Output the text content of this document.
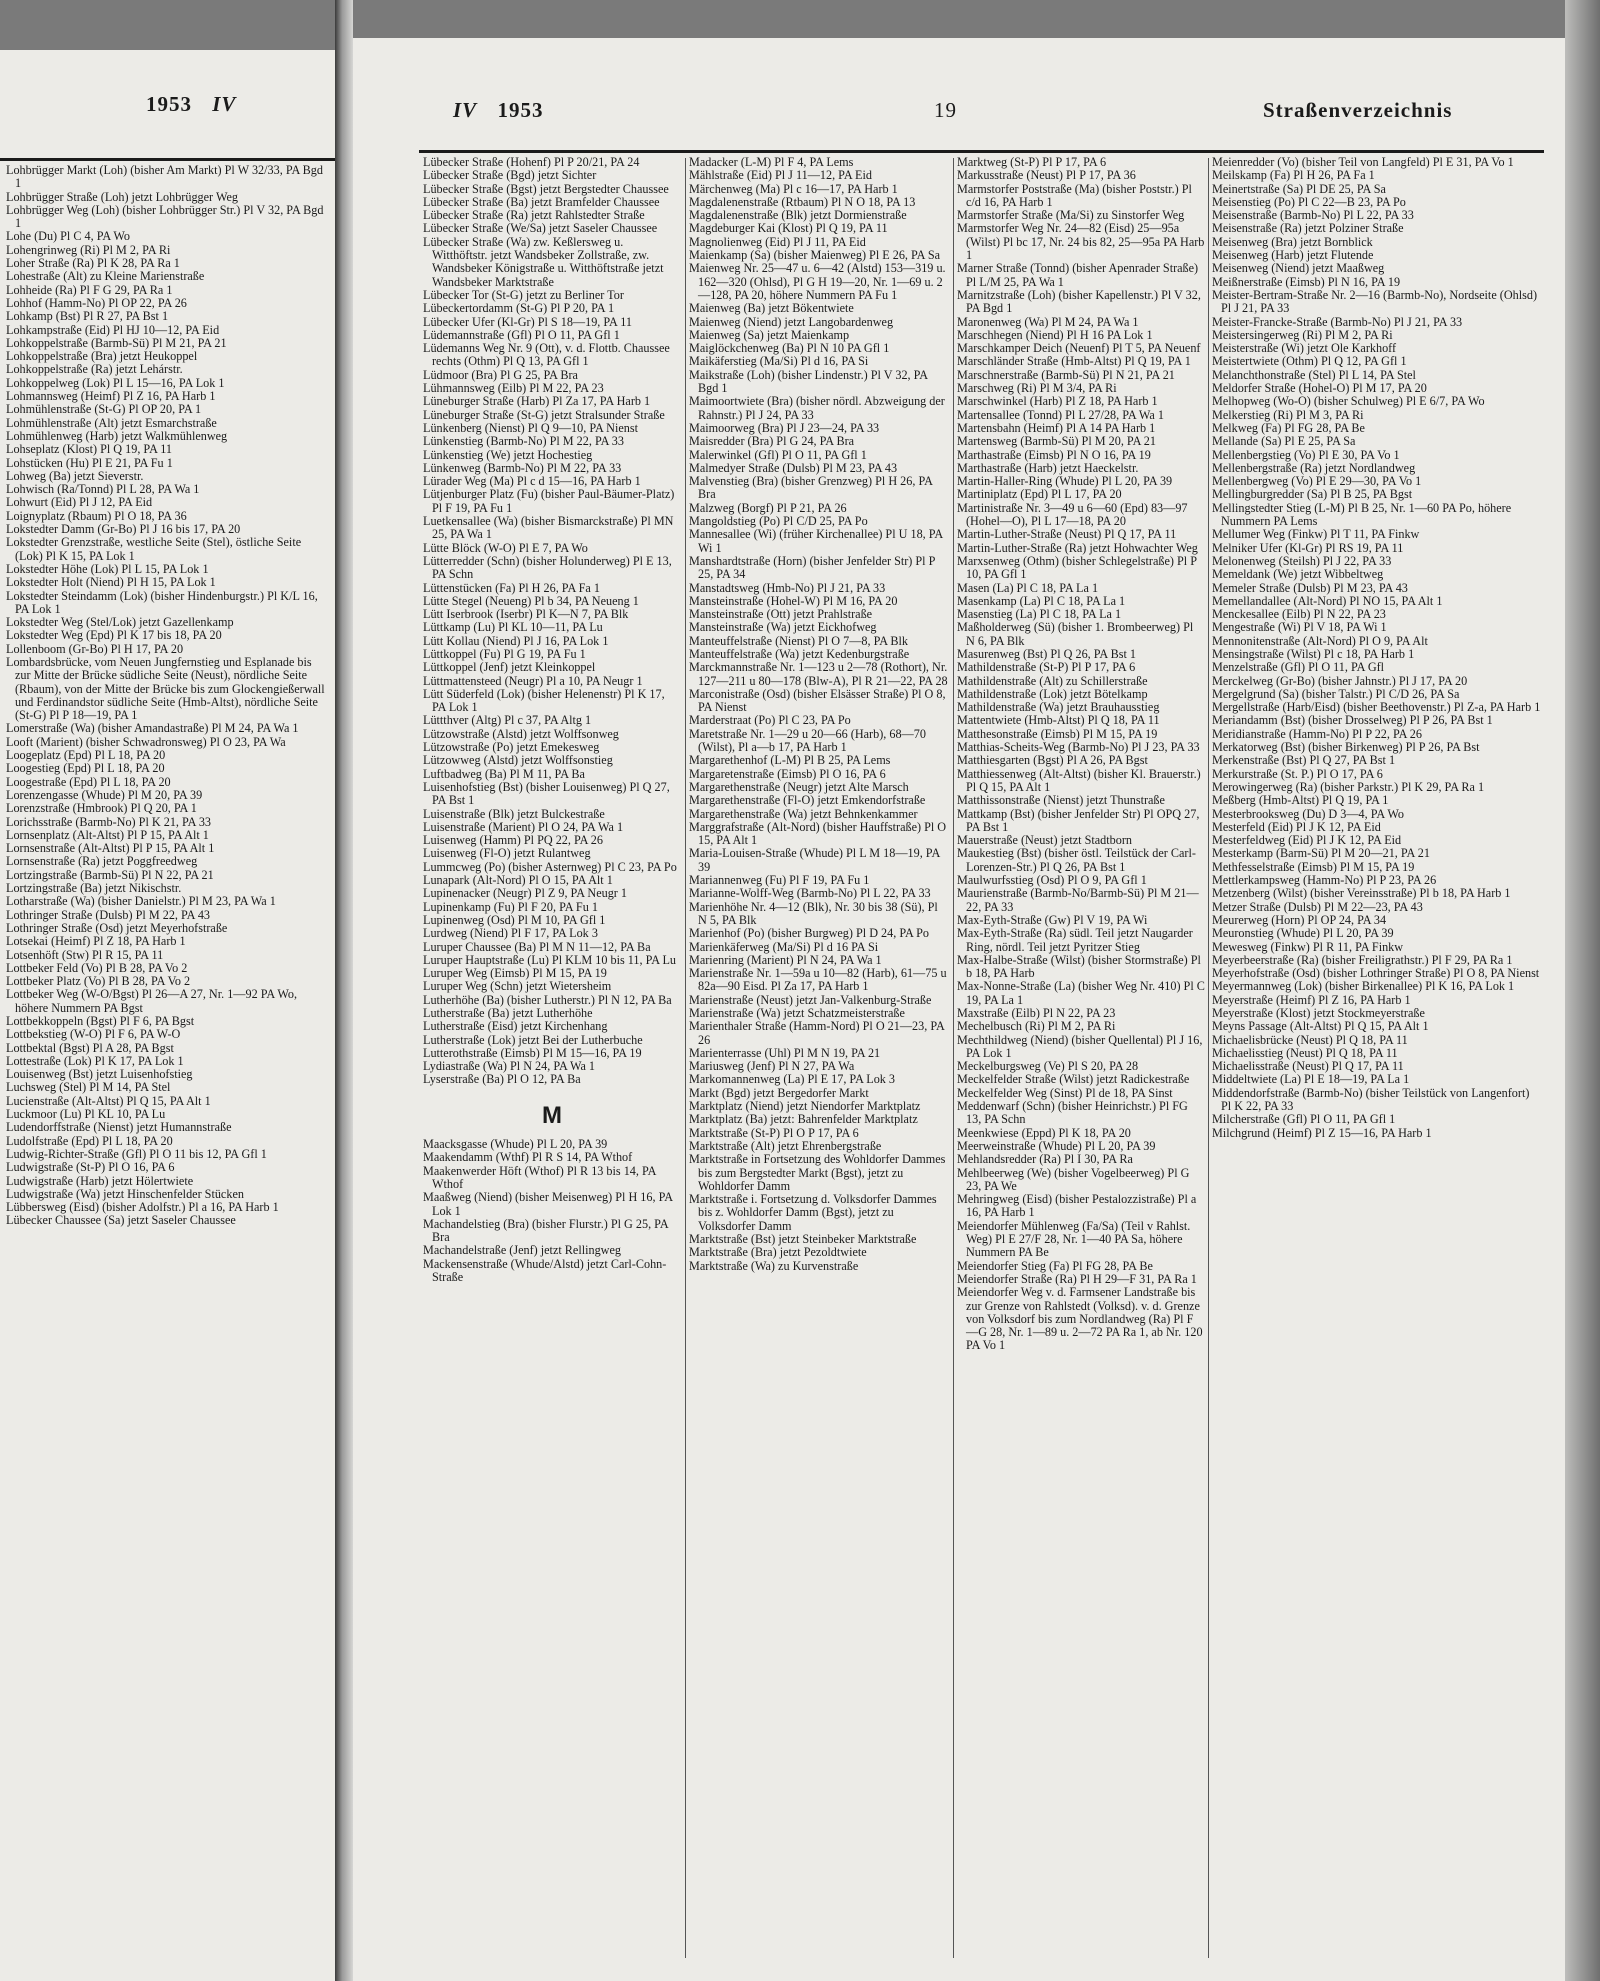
1953 IV

Lohbrügger Markt (Loh) (bisher Am Markt) Pl W 32/33, PA Bgd 1

Lohbrügger Straße (Loh) jetzt Lohbrügger Weg

Lohbrügger Weg (Loh) (bisher Lohbrügger Str.) Pl V 32, PA Bgd 1

Lohe (Du) Pl C 4, PA Wo

Lohengrinweg (Ri) Pl M 2, PA Ri

Loher Straße (Ra) Pl K 28, PA Ra 1

Lohestraße (Alt) zu Kleine Marienstraße

Lohheide (Ra) Pl F G 29, PA Ra 1

Lohhof (Hamm-No) Pl OP 22, PA 26

Lohkamp (Bst) Pl R 27, PA Bst 1

Lohkampstraße (Eid) Pl HJ 10—12, PA Eid

Lohkoppelstraße (Barmb-Sü) Pl M 21, PA 21

Lohkoppelstraße (Bra) jetzt Heukoppel

Lohkoppelstraße (Ra) jetzt Lehárstr.

Lohkoppelweg (Lok) Pl L 15—16, PA Lok 1

Lohmannsweg (Heimf) Pl Z 16, PA Harb 1

Lohmühlenstraße (St-G) Pl OP 20, PA 1

Lohmühlenstraße (Alt) jetzt Esmarchstraße

Lohmühlenweg (Harb) jetzt Walkmühlenweg

Lohseplatz (Klost) Pl Q 19, PA 11

Lohstücken (Hu) Pl E 21, PA Fu 1

Lohweg (Ba) jetzt Sieverstr.

Lohwisch (Ra/Tonnd) Pl L 28, PA Wa 1

Lohwurt (Eid) Pl J 12, PA Eid

Loignyplatz (Rbaum) Pl O 18, PA 36

Lokstedter Damm (Gr-Bo) Pl J 16 bis 17, PA 20

Lokstedter Grenzstraße, westliche Seite (Stel), östliche Seite (Lok) Pl K 15, PA Lok 1

Lokstedter Höhe (Lok) Pl L 15, PA Lok 1

Lokstedter Holt (Niend) Pl H 15, PA Lok 1

Lokstedter Steindamm (Lok) (bisher Hindenburgstr.) Pl K/L 16, PA Lok 1

Lokstedter Weg (Stel/Lok) jetzt Gazellenkamp

Lokstedter Weg (Epd) Pl K 17 bis 18, PA 20

Lollenboom (Gr-Bo) Pl H 17, PA 20

Lombardsbrücke, vom Neuen Jungfernstieg und Esplanade bis zur Mitte der Brücke südliche Seite (Neust), nördliche Seite (Rbaum), von der Mitte der Brücke bis zum Glockengießerwall und Ferdinandstor südliche Seite (Hmb-Altst), nördliche Seite (St-G) Pl P 18—19, PA 1

Lomerstraße (Wa) (bisher Amandastraße) Pl M 24, PA Wa 1

Looft (Marient) (bisher Schwadronsweg) Pl O 23, PA Wa

Loogeplatz (Epd) Pl L 18, PA 20

Loogestieg (Epd) Pl L 18, PA 20

Loogestraße (Epd) Pl L 18, PA 20

Lorenzengasse (Whude) Pl M 20, PA 39

Lorenzstraße (Hmbrook) Pl Q 20, PA 1

Lorichsstraße (Barmb-No) Pl K 21, PA 33

Lornsenplatz (Alt-Altst) Pl P 15, PA Alt 1

Lornsenstraße (Alt-Altst) Pl P 15, PA Alt 1

Lornsenstraße (Ra) jetzt Poggfreedweg

Lortzingstraße (Barmb-Sü) Pl N 22, PA 21

Lortzingstraße (Ba) jetzt Nikischstr.

Lotharstraße (Wa) (bisher Danielstr.) Pl M 23, PA Wa 1

Lothringer Straße (Dulsb) Pl M 22, PA 43

Lothringer Straße (Osd) jetzt Meyerhofstraße

Lotsekai (Heimf) Pl Z 18, PA Harb 1

Lotsenhöft (Stw) Pl R 15, PA 11

Lottbeker Feld (Vo) Pl B 28, PA Vo 2

Lottbeker Platz (Vo) Pl B 28, PA Vo 2

Lottbeker Weg (W-O/Bgst) Pl 26—A 27, Nr. 1—92 PA Wo, höhere Nummern PA Bgst

Lottbekkoppeln (Bgst) Pl F 6, PA Bgst

Lottbekstieg (W-O) Pl F 6, PA W-O

Lottbektal (Bgst) Pl A 28, PA Bgst

Lottestraße (Lok) Pl K 17, PA Lok 1

Louisenweg (Bst) jetzt Luisenhofstieg

Luchsweg (Stel) Pl M 14, PA Stel

Lucienstraße (Alt-Altst) Pl Q 15, PA Alt 1

Luckmoor (Lu) Pl KL 10, PA Lu

Ludendorffstraße (Nienst) jetzt Humannstraße

Ludolfstraße (Epd) Pl L 18, PA 20

Ludwig-Richter-Straße (Gfl) Pl O 11 bis 12, PA Gfl 1

Ludwigstraße (St-P) Pl O 16, PA 6

Ludwigstraße (Harb) jetzt Hölertwiete

Ludwigstraße (Wa) jetzt Hinschenfelder Stücken

Lübbersweg (Eisd) (bisher Adolfstr.) Pl a 16, PA Harb 1

Lübecker Chaussee (Sa) jetzt Saseler Chaussee

IV 1953	19	Straßenverzeichnis

Lübecker Straße (Hohenf) Pl P 20/21, PA 24

Lübecker Straße (Bgd) jetzt Sichter

Lübecker Straße (Bgst) jetzt Bergstedter Chaussee

Lübecker Straße (Ba) jetzt Bramfelder Chaussee

Lübecker Straße (Ra) jetzt Rahlstedter Straße

Lübecker Straße (We/Sa) jetzt Saseler Chaussee

Lübecker Straße (Wa) zw. Keßlersweg u. Witthöftstr. jetzt Wandsbeker Zollstraße, zw. Wandsbeker Königstraße u. Witthöftstraße jetzt Wandsbeker Marktstraße

Lübecker Tor (St-G) jetzt zu Berliner Tor

Lübeckertordamm (St-G) Pl P 20, PA 1

Lübecker Ufer (Kl-Gr) Pl S 18—19, PA 11

Lüdemannstraße (Gfl) Pl O 11, PA Gfl 1

Lüdemanns Weg Nr. 9 (Ott), v. d. Flottb. Chaussee rechts (Othm) Pl Q 13, PA Gfl 1

Lüdmoor (Bra) Pl G 25, PA Bra

Lühmannsweg (Eilb) Pl M 22, PA 23

Lüneburger Straße (Harb) Pl Za 17, PA Harb 1

Lüneburger Straße (St-G) jetzt Stralsunder Straße

Lünkenberg (Nienst) Pl Q 9—10, PA Nienst

Lünkenstieg (Barmb-No) Pl M 22, PA 33

Lünkenstieg (We) jetzt Hochestieg

Lünkenweg (Barmb-No) Pl M 22, PA 33

Lürader Weg (Ma) Pl c d 15—16, PA Harb 1

Lütjenburger Platz (Fu) (bisher Paul-Bäumer-Platz) Pl F 19, PA Fu 1

Luetkensallee (Wa) (bisher Bismarckstraße) Pl MN 25, PA Wa 1

Lütte Blöck (W-O) Pl E 7, PA Wo

Lütterredder (Schn) (bisher Holunderweg) Pl E 13, PA Schn

Lüttenstücken (Fa) Pl H 26, PA Fa 1

Lütte Stegel (Neueng) Pl b 34, PA Neueng 1

Lütt Iserbrook (Iserbr) Pl K—N 7, PA Blk

Lüttkamp (Lu) Pl KL 10—11, PA Lu

Lütt Kollau (Niend) Pl J 16, PA Lok 1

Lüttkoppel (Fu) Pl G 19, PA Fu 1

Lüttkoppel (Jenf) jetzt Kleinkoppel

Lüttmattensteed (Neugr) Pl a 10, PA Neugr 1

Lütt Süderfeld (Lok) (bisher Helenenstr) Pl K 17, PA Lok 1

Lüttthver (Altg) Pl c 37, PA Altg 1

Lützowstraße (Alstd) jetzt Wolffsonweg

Lützowstraße (Po) jetzt Emekesweg

Lützowweg (Alstd) jetzt Wolffsonstieg

Luftbadweg (Ba) Pl M 11, PA Ba

Luisenhofstieg (Bst) (bisher Louisenweg) Pl Q 27, PA Bst 1

Luisenstraße (Blk) jetzt Bulckestraße

Luisenstraße (Marient) Pl O 24, PA Wa 1

Luisenweg (Hamm) Pl PQ 22, PA 26

Luisenweg (Fl-O) jetzt Rulantweg

Lummcweg (Po) (bisher Asternweg) Pl C 23, PA Po

Lunapark (Alt-Nord) Pl O 15, PA Alt 1

Lupinenacker (Neugr) Pl Z 9, PA Neugr 1

Lupinenkamp (Fu) Pl F 20, PA Fu 1

Lupinenweg (Osd) Pl M 10, PA Gfl 1

Lurdweg (Niend) Pl F 17, PA Lok 3

Luruper Chaussee (Ba) Pl M N 11—12, PA Ba

Luruper Hauptstraße (Lu) Pl KLM 10 bis 11, PA Lu

Luruper Weg (Eimsb) Pl M 15, PA 19

Luruper Weg (Schn) jetzt Wietersheim

Lutherhöhe (Ba) (bisher Lutherstr.) Pl N 12, PA Ba

Lutherstraße (Ba) jetzt Lutherhöhe

Lutherstraße (Eisd) jetzt Kirchenhang

Lutherstraße (Lok) jetzt Bei der Lutherbuche

Lutterothstraße (Eimsb) Pl M 15—16, PA 19

Lydiastraße (Wa) Pl N 24, PA Wa 1

Lyserstraße (Ba) Pl O 12, PA Ba

M

Maacksgasse (Whude) Pl L 20, PA 39

Maakendamm (Wthf) Pl R S 14, PA Wthof

Maakenwerder Höft (Wthof) Pl R 13 bis 14, PA Wthof

Maaßweg (Niend) (bisher Meisenweg) Pl H 16, PA Lok 1

Machandelstieg (Bra) (bisher Flurstr.) Pl G 25, PA Bra

Machandelstraße (Jenf) jetzt Rellingweg

Mackensenstraße (Whude/Alstd) jetzt Carl-Cohn-Straße

Madacker (L-M) Pl F 4, PA Lems

Mählstraße (Eid) Pl J 11—12, PA Eid

Märchenweg (Ma) Pl c 16—17, PA Harb 1

Magdalenenstraße (Rtbaum) Pl N O 18, PA 13

Magdalenenstraße (Blk) jetzt Dormienstraße

Magdeburger Kai (Klost) Pl Q 19, PA 11

Magnolienweg (Eid) Pl J 11, PA Eid

Maienkamp (Sa) (bisher Maienweg) Pl E 26, PA Sa

Maienweg Nr. 25—47 u. 6—42 (Alstd) 153—319 u. 162—320 (Ohlsd), Pl G H 19—20, Nr. 1—69 u. 2—128, PA 20, höhere Nummern PA Fu 1

Maienweg (Ba) jetzt Bökentwiete

Maienweg (Niend) jetzt Langobardenweg

Maienweg (Sa) jetzt Maienkamp

Maiglöckchenweg (Ba) Pl N 10 PA Gfl 1

Maikäferstieg (Ma/Si) Pl d 16, PA Si

Maikstraße (Loh) (bisher Lindenstr.) Pl V 32, PA Bgd 1

Maimoortwiete (Bra) (bisher nördl. Abzweigung der Rahnstr.) Pl J 24, PA 33

Maimoorweg (Bra) Pl J 23—24, PA 33

Maisredder (Bra) Pl G 24, PA Bra

Malerwinkel (Gfl) Pl O 11, PA Gfl 1

Malmedyer Straße (Dulsb) Pl M 23, PA 43

Malvenstieg (Bra) (bisher Grenzweg) Pl H 26, PA Bra

Malzweg (Borgf) Pl P 21, PA 26

Mangoldstieg (Po) Pl C/D 25, PA Po

Mannesallee (Wi) (früher Kirchenallee) Pl U 18, PA Wi 1

Manshardtstraße (Horn) (bisher Jenfelder Str) Pl P 25, PA 34

Manstadtsweg (Hmb-No) Pl J 21, PA 33

Mansteinstraße (Hohel-W) Pl M 16, PA 20

Mansteinstraße (Ott) jetzt Prahlstraße

Mansteinstraße (Wa) jetzt Eickhofweg

Manteuffelstraße (Nienst) Pl O 7—8, PA Blk

Manteuffelstraße (Wa) jetzt Kedenburgstraße

Marckmannstraße Nr. 1—123 u 2—78 (Rothort), Nr. 127—211 u 80—178 (Blw-A), Pl R 21—22, PA 28

Marconistraße (Osd) (bisher Elsässer Straße) Pl O 8, PA Nienst

Marderstraat (Po) Pl C 23, PA Po

Maretstraße Nr. 1—29 u 20—66 (Harb), 68—70 (Wilst), Pl a—b 17, PA Harb 1

Margarethenhof (L-M) Pl B 25, PA Lems

Margaretenstraße (Eimsb) Pl O 16, PA 6

Margarethenstraße (Neugr) jetzt Alte Marsch

Margarethenstraße (Fl-O) jetzt Emkendorfstraße

Margarethenstraße (Wa) jetzt Behnkenkammer

Marggrafstraße (Alt-Nord) (bisher Hauffstraße) Pl O 15, PA Alt 1

Maria-Louisen-Straße (Whude) Pl L M 18—19, PA 39

Mariannenweg (Fu) Pl F 19, PA Fu 1

Marianne-Wolff-Weg (Barmb-No) Pl L 22, PA 33

Marienhöhe Nr. 4—12 (Blk), Nr. 30 bis 38 (Sü), Pl N 5, PA Blk

Marienhof (Po) (bisher Burgweg) Pl D 24, PA Po

Marienkäferweg (Ma/Si) Pl d 16 PA Si

Marienring (Marient) Pl N 24, PA Wa 1

Marienstraße Nr. 1—59a u 10—82 (Harb), 61—75 u 82a—90 Eisd. Pl Za 17, PA Harb 1

Marienstraße (Neust) jetzt Jan-Valkenburg-Straße

Marienstraße (Wa) jetzt Schatzmeisterstraße

Marienthaler Straße (Hamm-Nord) Pl O 21—23, PA 26

Marienterrasse (Uhl) Pl M N 19, PA 21

Mariusweg (Jenf) Pl N 27, PA Wa

Markomannenweg (La) Pl E 17, PA Lok 3

Markt (Bgd) jetzt Bergedorfer Markt

Marktplatz (Niend) jetzt Niendorfer Marktplatz

Marktplatz (Ba) jetzt: Bahrenfelder Marktplatz

Marktstraße (St-P) Pl O P 17, PA 6

Marktstraße (Alt) jetzt Ehrenbergstraße

Marktstraße in Fortsetzung des Wohldorfer Dammes bis zum Bergstedter Markt (Bgst), jetzt zu Wohldorfer Damm

Marktstraße i. Fortsetzung d. Volksdorfer Dammes bis z. Wohldorfer Damm (Bgst), jetzt zu Volksdorfer Damm

Marktstraße (Bst) jetzt Steinbeker Marktstraße

Marktstraße (Bra) jetzt Pezoldtwiete

Marktstraße (Wa) zu Kurvenstraße

Marktweg (St-P) Pl P 17, PA 6

Markusstraße (Neust) Pl P 17, PA 36

Marmstorfer Poststraße (Ma) (bisher Poststr.) Pl c/d 16, PA Harb 1

Marmstorfer Straße (Ma/Si) zu Sinstorfer Weg

Marmstorfer Weg Nr. 24—82 (Eisd) 25—95a (Wilst) Pl bc 17, Nr. 24 bis 82, 25—95a PA Harb 1

Marner Straße (Tonnd) (bisher Apenrader Straße) Pl L/M 25, PA Wa 1

Marnitzstraße (Loh) (bisher Kapellenstr.) Pl V 32, PA Bgd 1

Maronenweg (Wa) Pl M 24, PA Wa 1

Marschhegen (Niend) Pl H 16 PA Lok 1

Marschkamper Deich (Neuenf) Pl T 5, PA Neuenf

Marschländer Straße (Hmb-Altst) Pl Q 19, PA 1

Marschnerstraße (Barmb-Sü) Pl N 21, PA 21

Marschweg (Ri) Pl M 3/4, PA Ri

Marschwinkel (Harb) Pl Z 18, PA Harb 1

Martensallee (Tonnd) Pl L 27/28, PA Wa 1

Martensbahn (Heimf) Pl A 14 PA Harb 1

Martensweg (Barmb-Sü) Pl M 20, PA 21

Marthastraße (Eimsb) Pl N O 16, PA 19

Marthastraße (Harb) jetzt Haeckelstr.

Martin-Haller-Ring (Whude) Pl L 20, PA 39

Martiniplatz (Epd) Pl L 17, PA 20

Martinistraße Nr. 3—49 u 6—60 (Epd) 83—97 (Hohel—O), Pl L 17—18, PA 20

Martin-Luther-Straße (Neust) Pl Q 17, PA 11

Martin-Luther-Straße (Ra) jetzt Hohwachter Weg

Marxsenweg (Othm) (bisher Schlegelstraße) Pl P 10, PA Gfl 1

Masen (La) Pl C 18, PA La 1

Masenkamp (La) Pl C 18, PA La 1

Masenstieg (La) Pl C 18, PA La 1

Maßholderweg (Sü) (bisher 1. Brombeerweg) Pl N 6, PA Blk

Masurenweg (Bst) Pl Q 26, PA Bst 1

Mathildenstraße (St-P) Pl P 17, PA 6

Mathildenstraße (Alt) zu Schillerstraße

Mathildenstraße (Lok) jetzt Bötelkamp

Mathildenstraße (Wa) jetzt Brauhausstieg

Mattentwiete (Hmb-Altst) Pl Q 18, PA 11

Matthesonstraße (Eimsb) Pl M 15, PA 19

Matthias-Scheits-Weg (Barmb-No) Pl J 23, PA 33

Matthiesgarten (Bgst) Pl A 26, PA Bgst

Matthiessenweg (Alt-Altst) (bisher Kl. Brauerstr.) Pl Q 15, PA Alt 1

Matthissonstraße (Nienst) jetzt Thunstraße

Mattkamp (Bst) (bisher Jenfelder Str) Pl OPQ 27, PA Bst 1

Mauerstraße (Neust) jetzt Stadtborn

Maukestieg (Bst) (bisher östl. Teilstück der Carl-Lorenzen-Str.) Pl Q 26, PA Bst 1

Maulwurfsstieg (Osd) Pl O 9, PA Gfl 1

Maurienstraße (Barmb-No/Barmb-Sü) Pl M 21—22, PA 33

Max-Eyth-Straße (Gw) Pl V 19, PA Wi

Max-Eyth-Straße (Ra) südl. Teil jetzt Naugarder Ring, nördl. Teil jetzt Pyritzer Stieg

Max-Halbe-Straße (Wilst) (bisher Stormstraße) Pl b 18, PA Harb

Max-Nonne-Straße (La) (bisher Weg Nr. 410) Pl C 19, PA La 1

Maxstraße (Eilb) Pl N 22, PA 23

Mechelbusch (Ri) Pl M 2, PA Ri

Mechthildweg (Niend) (bisher Quellental) Pl J 16, PA Lok 1

Meckelburgsweg (Ve) Pl S 20, PA 28

Meckelfelder Straße (Wilst) jetzt Radickestraße

Meckelfelder Weg (Sinst) Pl de 18, PA Sinst

Meddenwarf (Schn) (bisher Heinrichstr.) Pl FG 13, PA Schn

Meenkwiese (Eppd) Pl K 18, PA 20

Meerweinstraße (Whude) Pl L 20, PA 39

Mehlandsredder (Ra) Pl I 30, PA Ra

Mehlbeerweg (We) (bisher Vogelbeerweg) Pl G 23, PA We

Mehringweg (Eisd) (bisher Pestalozzistraße) Pl a 16, PA Harb 1

Meiendorfer Mühlenweg (Fa/Sa) (Teil v Rahlst. Weg) Pl E 27/F 28, Nr. 1—40 PA Sa, höhere Nummern PA Be

Meiendorfer Stieg (Fa) Pl FG 28, PA Be

Meiendorfer Straße (Ra) Pl H 29—F 31, PA Ra 1

Meiendorfer Weg v. d. Farmsener Landstraße bis zur Grenze von Rahlstedt (Volksd). v. d. Grenze von Volksdorf bis zum Nordlandweg (Ra) Pl F—G 28, Nr. 1—89 u. 2—72 PA Ra 1, ab Nr. 120 PA Vo 1

Meienredder (Vo) (bisher Teil von Langfeld) Pl E 31, PA Vo 1

Meilskamp (Fa) Pl H 26, PA Fa 1

Meinertstraße (Sa) Pl DE 25, PA Sa

Meisenstieg (Po) Pl C 22—B 23, PA Po

Meisenstraße (Barmb-No) Pl L 22, PA 33

Meisenstraße (Ra) jetzt Polziner Straße

Meisenweg (Bra) jetzt Bornblick

Meisenweg (Harb) jetzt Flutende

Meisenweg (Niend) jetzt Maaßweg

Meißnerstraße (Eimsb) Pl N 16, PA 19

Meister-Bertram-Straße Nr. 2—16 (Barmb-No), Nordseite (Ohlsd) Pl J 21, PA 33

Meister-Francke-Straße (Barmb-No) Pl J 21, PA 33

Meistersingerweg (Ri) Pl M 2, PA Ri

Meisterstraße (Wi) jetzt Ole Karkhoff

Meistertwiete (Othm) Pl Q 12, PA Gfl 1

Melanchthonstraße (Stel) Pl L 14, PA Stel

Meldorfer Straße (Hohel-O) Pl M 17, PA 20

Melhopweg (Wo-O) (bisher Schulweg) Pl E 6/7, PA Wo

Melkerstieg (Ri) Pl M 3, PA Ri

Melkweg (Fa) Pl FG 28, PA Be

Mellande (Sa) Pl E 25, PA Sa

Mellenbergstieg (Vo) Pl E 30, PA Vo 1

Mellenbergstraße (Ra) jetzt Nordlandweg

Mellenbergweg (Vo) Pl E 29—30, PA Vo 1

Mellingburgredder (Sa) Pl B 25, PA Bgst

Mellingstedter Stieg (L-M) Pl B 25, Nr. 1—60 PA Po, höhere Nummern PA Lems

Mellumer Weg (Finkw) Pl T 11, PA Finkw

Melniker Ufer (Kl-Gr) Pl RS 19, PA 11

Melonenweg (Steilsh) Pl J 22, PA 33

Memeldank (We) jetzt Wibbeltweg

Memeler Straße (Dulsb) Pl M 23, PA 43

Memellandallee (Alt-Nord) Pl NO 15, PA Alt 1

Menckesallee (Eilb) Pl N 22, PA 23

Mengestraße (Wi) Pl V 18, PA Wi 1

Mennonitenstraße (Alt-Nord) Pl O 9, PA Alt

Mensingstraße (Wilst) Pl c 18, PA Harb 1

Menzelstraße (Gfl) Pl O 11, PA Gfl

Merckelweg (Gr-Bo) (bisher Jahnstr.) Pl J 17, PA 20

Mergelgrund (Sa) (bisher Talstr.) Pl C/D 26, PA Sa

Mergellstraße (Harb/Eisd) (bisher Beethovenstr.) Pl Z-a, PA Harb 1

Meriandamm (Bst) (bisher Drosselweg) Pl P 26, PA Bst 1

Meridianstraße (Hamm-No) Pl P 22, PA 26

Merkatorweg (Bst) (bisher Birkenweg) Pl P 26, PA Bst

Merkenstraße (Bst) Pl Q 27, PA Bst 1

Merkurstraße (St. P.) Pl O 17, PA 6

Merowingerweg (Ra) (bisher Parkstr.) Pl K 29, PA Ra 1

Meßberg (Hmb-Altst) Pl Q 19, PA 1

Mesterbrooksweg (Du) D 3—4, PA Wo

Mesterfeld (Eid) Pl J K 12, PA Eid

Mesterfeldweg (Eid) Pl J K 12, PA Eid

Mesterkamp (Barm-Sü) Pl M 20—21, PA 21

Methfesselstraße (Eimsb) Pl M 15, PA 19

Mettlerkampsweg (Hamm-No) Pl P 23, PA 26

Metzenberg (Wilst) (bisher Vereinsstraße) Pl b 18, PA Harb 1

Metzer Straße (Dulsb) Pl M 22—23, PA 43

Meurerweg (Horn) Pl OP 24, PA 34

Meuronstieg (Whude) Pl L 20, PA 39

Mewesweg (Finkw) Pl R 11, PA Finkw

Meyerbeerstraße (Ra) (bisher Freiligrathstr.) Pl F 29, PA Ra 1

Meyerhofstraße (Osd) (bisher Lothringer Straße) Pl O 8, PA Nienst

Meyermannweg (Lok) (bisher Birkenallee) Pl K 16, PA Lok 1

Meyerstraße (Heimf) Pl Z 16, PA Harb 1

Meyerstraße (Klost) jetzt Stockmeyerstraße

Meyns Passage (Alt-Altst) Pl Q 15, PA Alt 1

Michaelisbrücke (Neust) Pl Q 18, PA 11

Michaelisstieg (Neust) Pl Q 18, PA 11

Michaelisstraße (Neust) Pl Q 17, PA 11

Middeltwiete (La) Pl E 18—19, PA La 1

Middendorfstraße (Barmb-No) (bisher Teilstück von Langenfort) Pl K 22, PA 33

Milcherstraße (Gfl) Pl O 11, PA Gfl 1

Milchgrund (Heimf) Pl Z 15—16, PA Harb 1
